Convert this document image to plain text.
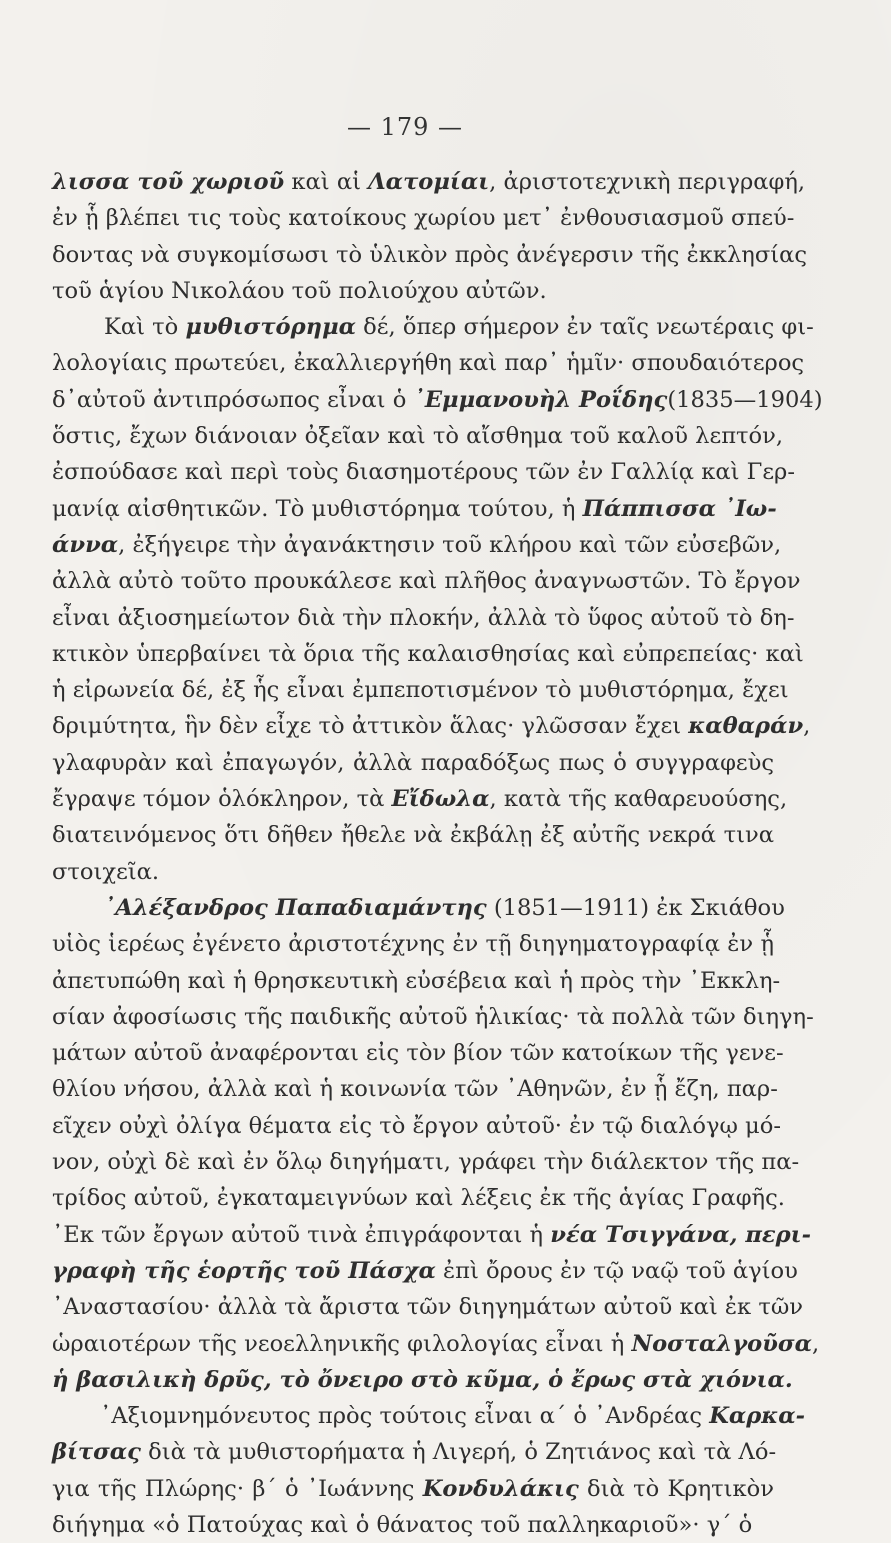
— 179 —
λισσα τοῦ χωριοῦ καὶ αἱ Λατομίαι, ἀριστοτεχνικὴ περιγραφή,
ἐν ᾗ βλέπει τις τοὺς κατοίκους χωρίου μετ᾽ ἐνθουσιασμοῦ σπεύ-
δοντας νὰ συγκομίσωσι τὸ ὑλικὸν πρὸς ἀνέγερσιν τῆς ἐκκλησίας
τοῦ ἁγίου Νικολάου τοῦ πολιούχου αὐτῶν.
Καὶ τὸ μυθιστόρημα δέ, ὅπερ σήμερον ἐν ταῖς νεωτέραις φι-
λολογίαις πρωτεύει, ἐκαλλιεργήθη καὶ παρ᾽ ἡμῖν· σπουδαιότερος
δ᾽αὐτοῦ ἀντιπρόσωπος εἶναι ὁ ᾽Εμμανουὴλ Ροΐδης(1835—1904)
ὅστις, ἔχων διάνοιαν ὀξεῖαν καὶ τὸ αἴσθημα τοῦ καλοῦ λεπτόν,
ἐσπούδασε καὶ περὶ τοὺς διασημοτέρους τῶν ἐν Γαλλίᾳ καὶ Γερ-
μανίᾳ αἰσθητικῶν. Τὸ μυθιστόρημα τούτου, ἡ Πάππισσα ᾽Ιω-
άννα, ἐξήγειρε τὴν ἀγανάκτησιν τοῦ κλήρου καὶ τῶν εὐσεβῶν,
ἀλλὰ αὐτὸ τοῦτο προυκάλεσε καὶ πλῆθος ἀναγνωστῶν. Τὸ ἔργον
εἶναι ἀξιοσημείωτον διὰ τὴν πλοκήν, ἀλλὰ τὸ ὕφος αὐτοῦ τὸ δη-
κτικὸν ὑπερβαίνει τὰ ὅρια τῆς καλαισθησίας καὶ εὐπρεπείας· καὶ
ἡ εἰρωνεία δέ, ἐξ ἧς εἶναι ἐμπεποτισμένον τὸ μυθιστόρημα, ἔχει
δριμύτητα, ἣν δὲν εἶχε τὸ ἀττικὸν ἅλας· γλῶσσαν ἔχει καθαράν,
γλαφυρὰν καὶ ἐπαγωγόν, ἀλλὰ παραδόξως πως ὁ συγγραφεὺς
ἔγραψε τόμον ὁλόκληρον, τὰ Εἴδωλα, κατὰ τῆς καθαρευούσης,
διατεινόμενος ὅτι δῆθεν ἤθελε νὰ ἐκβάλῃ ἐξ αὐτῆς νεκρά τινα
στοιχεῖα.
᾽Αλέξανδρος Παπαδιαμάντης (1851—1911) ἐκ Σκιάθου
υἱὸς ἱερέως ἐγένετο ἀριστοτέχνης ἐν τῇ διηγηματογραφίᾳ ἐν ᾗ
ἀπετυπώθη καὶ ἡ θρησκευτικὴ εὐσέβεια καὶ ἡ πρὸς τὴν ᾽Εκκλη-
σίαν ἀφοσίωσις τῆς παιδικῆς αὐτοῦ ἡλικίας· τὰ πολλὰ τῶν διηγη-
μάτων αὐτοῦ ἀναφέρονται εἰς τὸν βίον τῶν κατοίκων τῆς γενε-
θλίου νήσου, ἀλλὰ καὶ ἡ κοινωνία τῶν ᾽Αθηνῶν, ἐν ᾗ ἔζη, παρ-
εῖχεν οὐχὶ ὀλίγα θέματα εἰς τὸ ἔργον αὐτοῦ· ἐν τῷ διαλόγῳ μό-
νον, οὐχὶ δὲ καὶ ἐν ὅλῳ διηγήματι, γράφει τὴν διάλεκτον τῆς πα-
τρίδος αὐτοῦ, ἐγκαταμειγνύων καὶ λέξεις ἐκ τῆς ἁγίας Γραφῆς.
᾽Εκ τῶν ἔργων αὐτοῦ τινὰ ἐπιγράφονται ἡ νέα Τσιγγάνα, περι-
γραφὴ τῆς ἑορτῆς τοῦ Πάσχα ἐπὶ ὄρους ἐν τῷ ναῷ τοῦ ἁγίου
᾽Αναστασίου· ἀλλὰ τὰ ἄριστα τῶν διηγημάτων αὐτοῦ καὶ ἐκ τῶν
ὡραιοτέρων τῆς νεοελληνικῆς φιλολογίας εἶναι ἡ Νοσταλγοῦσα,
ἡ βασιλικὴ δρῦς, τὸ ὄνειρο στὸ κῦμα, ὁ ἔρως στὰ χιόνια.
᾽Αξιομνημόνευτος πρὸς τούτοις εἶναι α´ ὁ ᾽Ανδρέας Καρκα-
βίτσας διὰ τὰ μυθιστορήματα ἡ Λιγερή, ὁ Ζητιάνος καὶ τὰ Λό-
για τῆς Πλώρης· β´ ὁ ᾽Ιωάννης Κονδυλάκις διὰ τὸ Κρητικὸν
διήγημα «ὁ Πατούχας καὶ ὁ θάνατος τοῦ παλληκαριοῦ»· γ´ ὁ
